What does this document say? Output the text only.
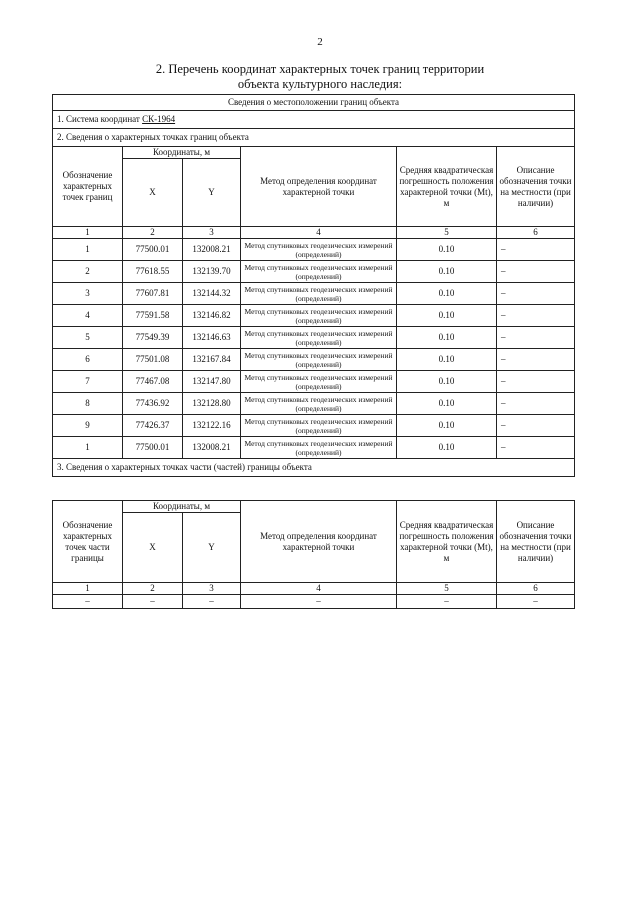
2
2. Перечень координат характерных точек границ территории
объекта культурного наследия:
Сведения о местоположении границ объекта					
1. Система координат СК-1964					
2. Сведения о характерных точках границ объекта					
Обозначение характерных точек границ	Координаты, м		Метод определения координат характерной точки	Средняя квадратическая погрешность положения характерной точки (Mt), м	Описание обозначения точки на местности (при наличии)
	X	Y			
1	2	3	4	5	6
1	77500.01	132008.21	Метод спутниковых геодезических измерений (определений)	0.10	–
2	77618.55	132139.70	Метод спутниковых геодезических измерений (определений)	0.10	–
3	77607.81	132144.32	Метод спутниковых геодезических измерений (определений)	0.10	–
4	77591.58	132146.82	Метод спутниковых геодезических измерений (определений)	0.10	–
5	77549.39	132146.63	Метод спутниковых геодезических измерений (определений)	0.10	–
6	77501.08	132167.84	Метод спутниковых геодезических измерений (определений)	0.10	–
7	77467.08	132147.80	Метод спутниковых геодезических измерений (определений)	0.10	–
8	77436.92	132128.80	Метод спутниковых геодезических измерений (определений)	0.10	–
9	77426.37	132122.16	Метод спутниковых геодезических измерений (определений)	0.10	–
1	77500.01	132008.21	Метод спутниковых геодезических измерений (определений)	0.10	–
3. Сведения о характерных точках части (частей) границы объекта					
Обозначение характерных точек части границы	Координаты, м		Метод определения координат характерной точки	Средняя квадратическая погрешность положения характерной точки (Mt), м	Описание обозначения точки на местности (при наличии)
	X	Y			
1	2	3	4	5	6
–	–	–	–	–	–
